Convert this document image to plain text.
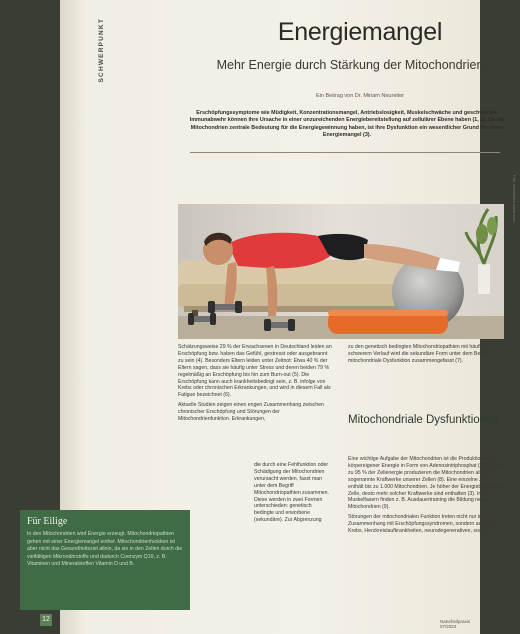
SCHWERPUNKT	Energiemangel
Mehr Energie durch Stärkung der Mitochondrien
Ein Beitrag von Dr. Miriam Neureiter
Erschöpfungssymptome wie Müdigkeit, Konzentrationsmangel, Antriebslosigkeit, Muskelschwäche und geschwächte Immunabwehr können ihre Ursache in einer unzureichenden Energiebereitstellung auf zellulärer Ebene haben (1, 2). Da die Mitochondrien zentrale Bedeutung für die Energiegewinnung haben, ist ihre Dysfunktion ein wesentlicher Grund für einen Energiemangel (3).
Foto: fizkes/stock.adobe.com

Schätzungsweise 29 % der Erwachsenen in Deutschland leiden an Erschöpfung bzw. haben das Gefühl, gestresst oder ausgebrannt zu sein (4). Besonders Eltern leiden unter Zeitnot: Etwa 40 % der Eltern sagen, dass sie häufig unter Stress und deren beiden 79 % regelmäßig an Erschöpfung bis hin zum Burn-out (5). Die Erschöpfung kann auch krankheitsbedingt sein, z. B. infolge von Krebs oder chronischen Erkrankungen, und wird in diesem Fall als Fatigue bezeichnet (6).

Aktuelle Studien zeigen einen engen Zusammenhang zwischen chronischer Erschöpfung und Störungen der Mitochondrienfunktion. Erkrankungen,

die durch eine Fehlfunktion oder Schädigung der Mitochondrien verursacht werden, fasst man unter dem Begriff Mitochondriopathien zusammen. Diese werden in zwei Formen unterschieden: genetisch bedingte und erworbene (sekundäre). Zur Abgrenzung

zu den genetisch bedingten Mitochondriopathien mit häufig schwerem Verlauf wird die sekundäre Form unter dem Begriff mitochondriale Dysfunktion zusammengefasst (7).

Mitochondriale Dysfunktionen

Eine wichtige Aufgabe der Mitochondrien ist die Produktion von körpereigener Energie in Form von Adenosintriphosphat (ATP). Bis zu 95 % der Zellenergie produzieren die Mitochondrien als sogenannte Kraftwerke unserer Zellen (8). Eine einzelne Zelle enthält bis zu 1.000 Mitochondrien. Je höher der Energiebedarf der Zelle, desto mehr solcher Kraftwerke sind enthalten (3). In den Muskelfasern finden z. B. Ausdauertraining die Bildung neuer Mitochondrien (9).

Störungen der mitochondrialen Funktion treten nicht nur im Zusammenhang mit Erschöpfungssyndromen, sondern auch bei Krebs, Herzkreislaufkrankheiten, neurodegenerativen, sowie

Naturheilpraxis 07/2024
Für Eilige
In den Mitochondrien wird Energie erzeugt. Mitochondriopathien gehen mit einer Energiemangel einher. Mitochondrienfunktion ist aber nicht das Gesundheitsziel allein, da sie in den Zellen durch die vielfältigen Mikronährstoffe und dadurch Coenzym Q10, z. B. Vitaminen und Mineralstoffen Vitamin D und B.
12
